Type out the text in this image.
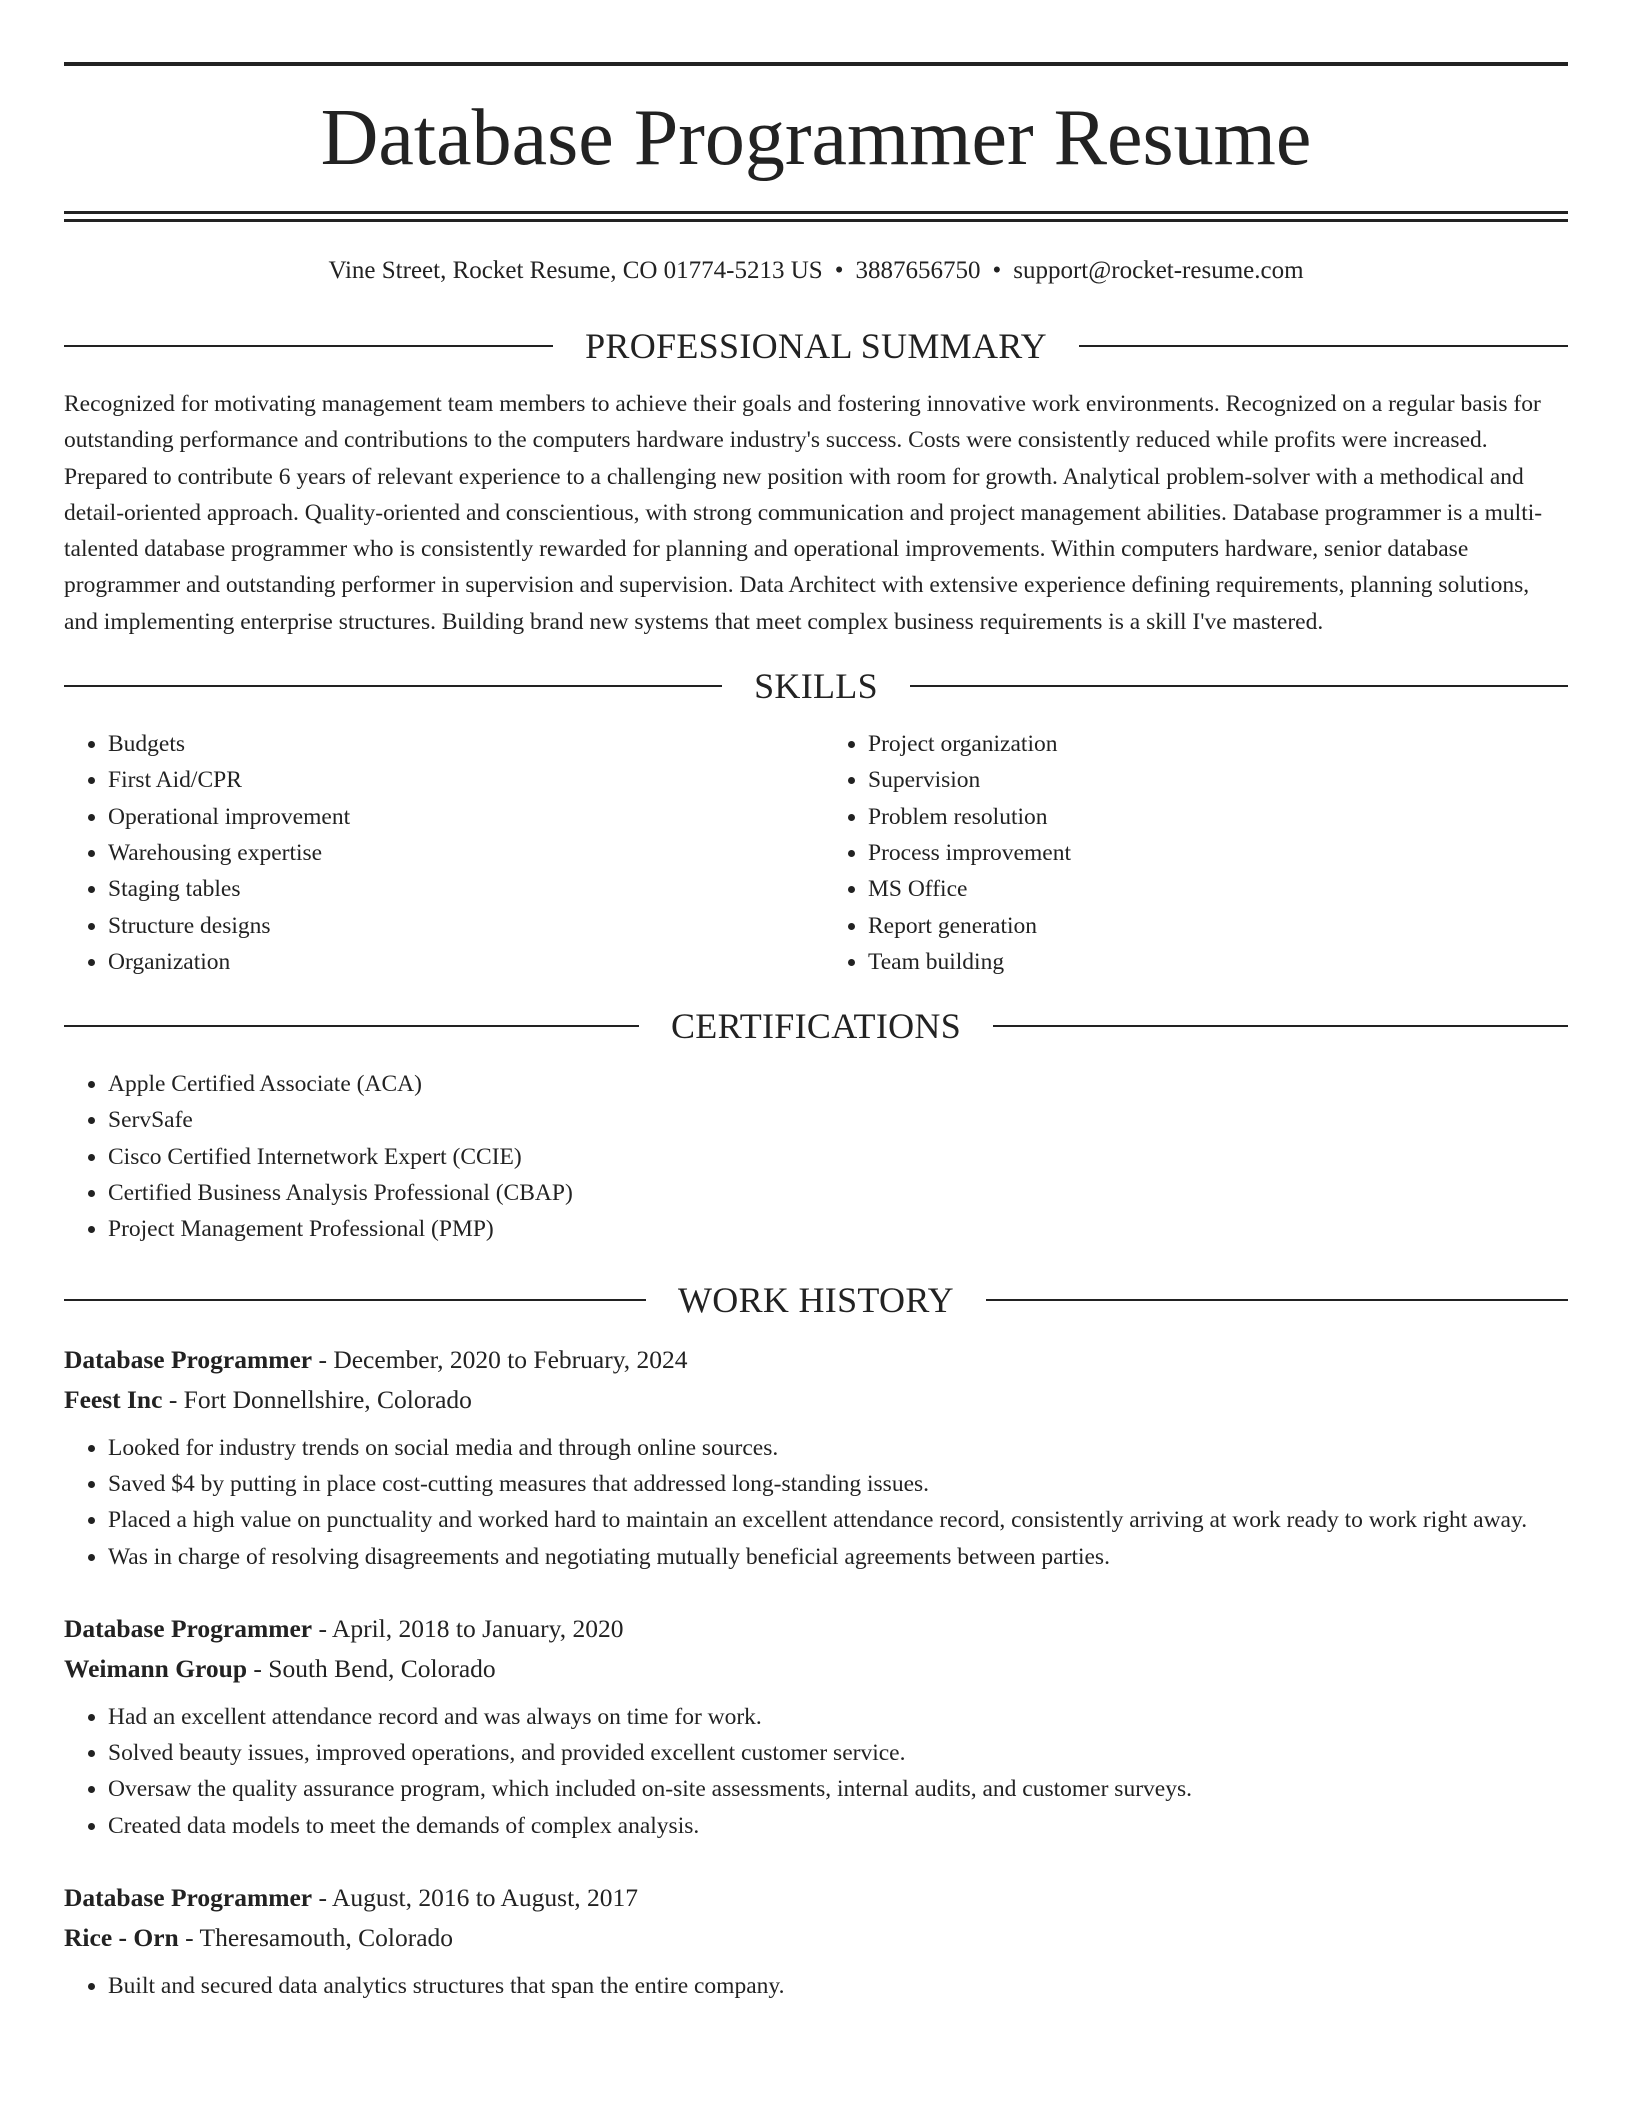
Database Programmer Resume
Vine Street, Rocket Resume, CO 01774-5213 US • 3887656750 • support@rocket-resume.com
PROFESSIONAL SUMMARY

Recognized for motivating management team members to achieve their goals and fostering innovative work environments. Recognized on a regular basis for outstanding performance and contributions to the computers hardware industry's success. Costs were consistently reduced while profits were increased. Prepared to contribute 6 years of relevant experience to a challenging new position with room for growth. Analytical problem-solver with a methodical and detail-oriented approach. Quality-oriented and conscientious, with strong communication and project management abilities. Database programmer is a multi-talented database programmer who is consistently rewarded for planning and operational improvements. Within computers hardware, senior database programmer and outstanding performer in supervision and supervision. Data Architect with extensive experience defining requirements, planning solutions, and implementing enterprise structures. Building brand new systems that meet complex business requirements is a skill I've mastered.

SKILLS
• Budgets
• First Aid/CPR
• Operational improvement
• Warehousing expertise
• Staging tables
• Structure designs
• Organization
• Project organization
• Supervision
• Problem resolution
• Process improvement
• MS Office
• Report generation
• Team building
CERTIFICATIONS
• Apple Certified Associate (ACA)
• ServSafe
• Cisco Certified Internetwork Expert (CCIE)
• Certified Business Analysis Professional (CBAP)
• Project Management Professional (PMP)
WORK HISTORY
Database Programmer - December, 2020 to February, 2024
Feest Inc - Fort Donnellshire, Colorado
• Looked for industry trends on social media and through online sources.
• Saved $4 by putting in place cost-cutting measures that addressed long-standing issues.
• Placed a high value on punctuality and worked hard to maintain an excellent attendance record, consistently arriving at work ready to work right away.
• Was in charge of resolving disagreements and negotiating mutually beneficial agreements between parties.
Database Programmer - April, 2018 to January, 2020
Weimann Group - South Bend, Colorado
• Had an excellent attendance record and was always on time for work.
• Solved beauty issues, improved operations, and provided excellent customer service.
• Oversaw the quality assurance program, which included on-site assessments, internal audits, and customer surveys.
• Created data models to meet the demands of complex analysis.
Database Programmer - August, 2016 to August, 2017
Rice - Orn - Theresamouth, Colorado
• Built and secured data analytics structures that span the entire company.
